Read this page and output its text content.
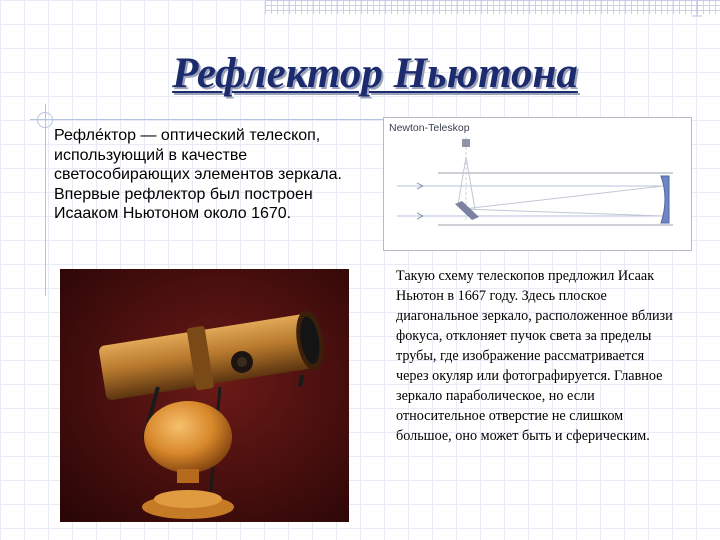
Рефлектор Ньютона
Рефле́ктор — оптический телескоп, использующий в качестве светособирающих элементов зеркала. Впервые рефлектор был построен Исааком Ньютоном около 1670.
Newton-Teleskop
Такую схему телескопов предложил Исаак Ньютон в 1667 году. Здесь плоское диагональное зеркало, расположенное вблизи фокуса, отклоняет пучок света за пределы трубы, где изображение рассматривается через окуляр или фотографируется. Главное зеркало параболическое, но если относительное отверстие не слишком большое, оно может быть и сферическим.
